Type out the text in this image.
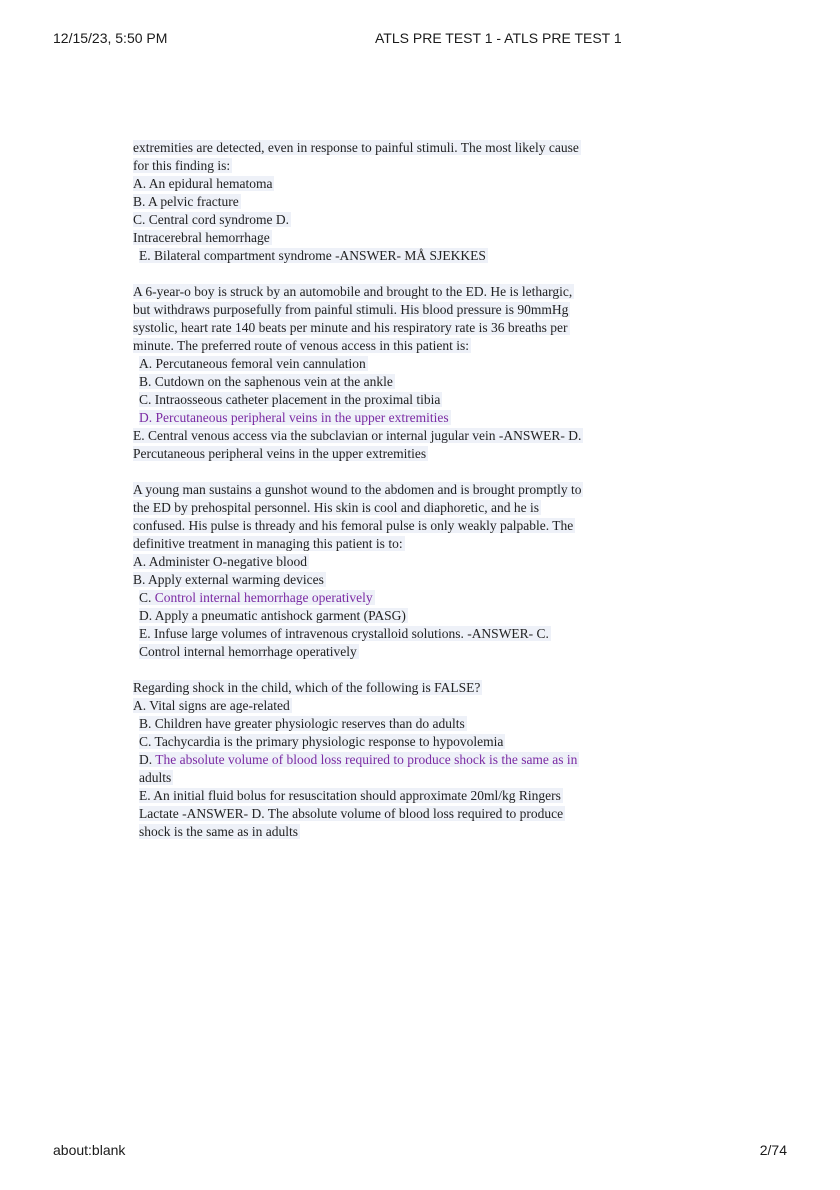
12/15/23, 5:50 PM	ATLS PRE TEST 1 - ATLS PRE TEST 1
extremities are detected, even in response to painful stimuli. The most likely cause
for this finding is:
A. An epidural hematoma
B. A pelvic fracture
C. Central cord syndrome D.
Intracerebral hemorrhage
E. Bilateral compartment syndrome -ANSWER- MÅ SJEKKES
A 6-year-o boy is struck by an automobile and brought to the ED. He is lethargic,
but withdraws purposefully from painful stimuli. His blood pressure is 90mmHg
systolic, heart rate 140 beats per minute and his respiratory rate is 36 breaths per
minute. The preferred route of venous access in this patient is:
A. Percutaneous femoral vein cannulation
B. Cutdown on the saphenous vein at the ankle
C. Intraosseous catheter placement in the proximal tibia
D. Percutaneous peripheral veins in the upper extremities
E. Central venous access via the subclavian or internal jugular vein -ANSWER- D.
Percutaneous peripheral veins in the upper extremities
A young man sustains a gunshot wound to the abdomen and is brought promptly to
the ED by prehospital personnel. His skin is cool and diaphoretic, and he is
confused. His pulse is thready and his femoral pulse is only weakly palpable. The
definitive treatment in managing this patient is to:
A. Administer O-negative blood
B. Apply external warming devices
C. Control internal hemorrhage operatively
D. Apply a pneumatic antishock garment (PASG)
E. Infuse large volumes of intravenous crystalloid solutions. -ANSWER- C.
Control internal hemorrhage operatively
Regarding shock in the child, which of the following is FALSE?
A. Vital signs are age-related
B. Children have greater physiologic reserves than do adults
C. Tachycardia is the primary physiologic response to hypovolemia
D. The absolute volume of blood loss required to produce shock is the same as in
adults
E. An initial fluid bolus for resuscitation should approximate 20ml/kg Ringers
Lactate -ANSWER- D. The absolute volume of blood loss required to produce
shock is the same as in adults
about:blank	2/74
